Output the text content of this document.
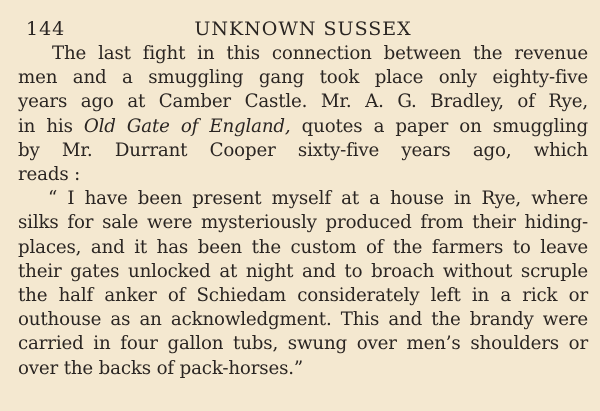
144	UNKNOWN SUSSEX
The last fight in this connection between the revenue
men and a smuggling gang took place only eighty-five
years ago at Camber Castle. Mr. A. G. Bradley, of Rye,
in his Old Gate of England, quotes a paper on smuggling
by Mr. Durrant Cooper sixty-five years ago, which
reads :
“ I have been present myself at a house in Rye, where
silks for sale were mysteriously produced from their hiding-
places, and it has been the custom of the farmers to leave
their gates unlocked at night and to broach without scruple
the half anker of Schiedam considerately left in a rick or
outhouse as an acknowledgment. This and the brandy were
carried in four gallon tubs, swung over men’s shoulders or
over the backs of pack-horses.”
